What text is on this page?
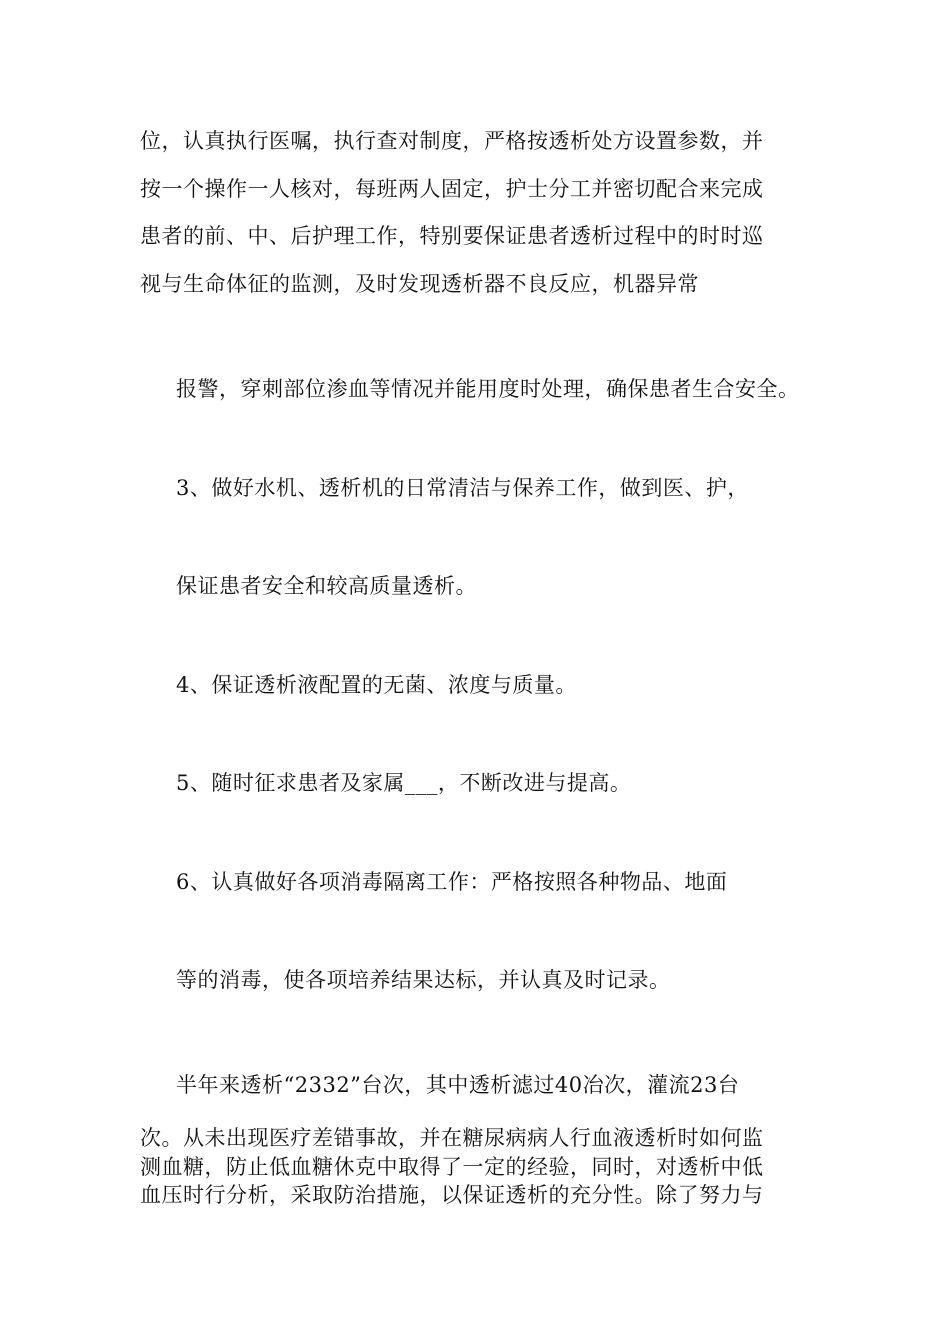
位，认真执行医嘱，执行查对制度，严格按透析处方设置参数，并
按一个操作一人核对，每班两人固定，护士分工并密切配合来完成
患者的前、中、后护理工作，特别要保证患者透析过程中的时时巡
视与生命体征的监测，及时发现透析器不良反应，机器异常
报警，穿刺部位渗血等情况并能用度时处理，确保患者生合安全。
3、做好水机、透析机的日常清洁与保养工作，做到医、护，
保证患者安全和较高质量透析。
4、保证透析液配置的无菌、浓度与质量。
5、随时征求患者及家属___，不断改进与提高。
6、认真做好各项消毒隔离工作：严格按照各种物品、地面
等的消毒，使各项培养结果达标，并认真及时记录。
半年来透析“2332”台次，其中透析滤过40冶次，灌流23台
次。从未出现医疗差错事故，并在糖尿病病人行血液透析时如何监
测血糖，防止低血糖休克中取得了一定的经验，同时，对透析中低
血压时行分析，采取防治措施，以保证透析的充分性。除了努力与
